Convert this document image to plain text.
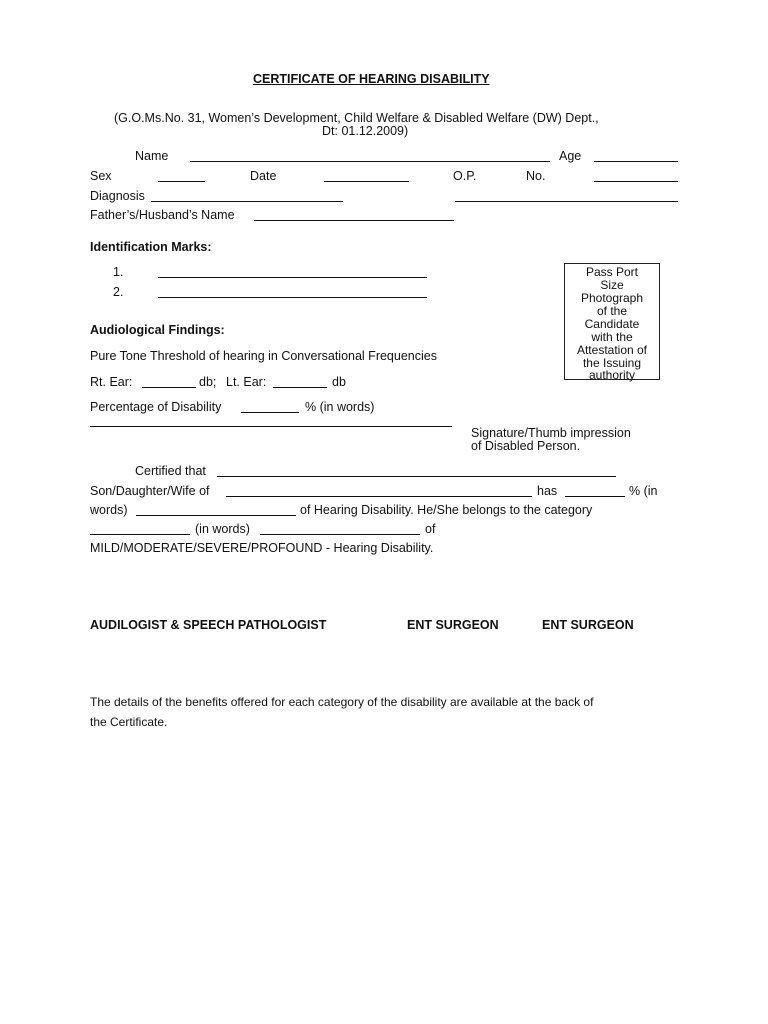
CERTIFICATE OF HEARING DISABILITY
(G.O.Ms.No. 31, Women’s Development, Child Welfare & Disabled Welfare (DW) Dept.,
Dt: 01.12.2009)
Name	Age
Sex	Date	O.P.	No.
Diagnosis
Father’s/Husband’s Name
Identification Marks:
1.
2.
Pass Port
Size
Photograph
of the
Candidate
with the
Attestation of
the Issuing
authority
Audiological Findings:
Pure Tone Threshold of hearing in Conversational Frequencies
Rt. Ear:	db; Lt. Ear:	db
Percentage of Disability	% (in words)
Signature/Thumb impression
of Disabled Person.
Certified that
Son/Daughter/Wife of	has	% (in
words)	of Hearing Disability. He/She belongs to the category
(in words)	of
MILD/MODERATE/SEVERE/PROFOUND - Hearing Disability.
AUDILOGIST & SPEECH PATHOLOGIST	ENT SURGEON	ENT SURGEON
The details of the benefits offered for each category of the disability are available at the back of
the Certificate.
